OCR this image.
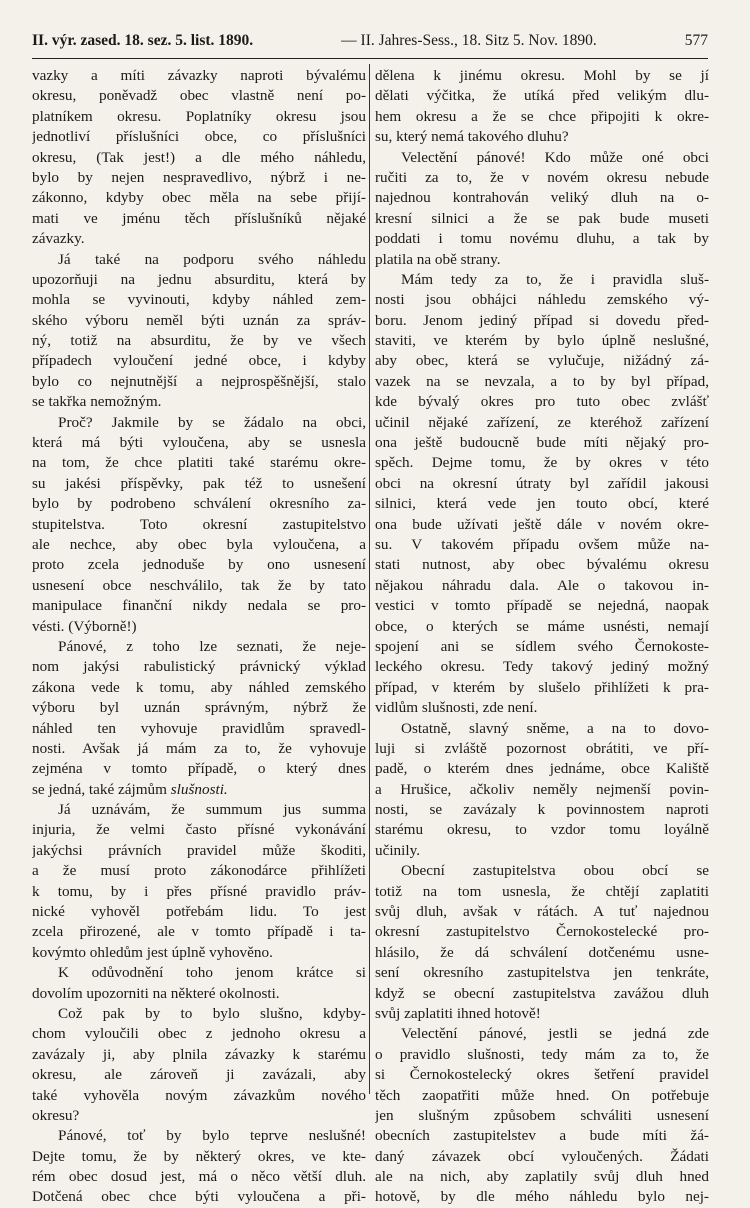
II. výr. zased. 18. sez. 5. list. 1890.	— II. Jahres-Sess., 18. Sitz 5. Nov. 1890.	577
vazky a míti závazky naproti bývalému
okresu, poněvadž obec vlastně není po-
platníkem okresu. Poplatníky okresu jsou
jednotliví příslušníci obce, co příslušníci
okresu, (Tak jest!) a dle mého náhledu,
bylo by nejen nespravedlivo, nýbrž i ne-
zákonno, kdyby obec měla na sebe přijí-
mati ve jménu těch příslušníků nějaké
závazky.
Já také na podporu svého náhledu
upozorňuji na jednu absurditu, která by
mohla se vyvinouti, kdyby náhled zem-
ského výboru neměl býti uznán za správ-
ný, totiž na absurditu, že by ve všech
případech vyloučení jedné obce, i kdyby
bylo co nejnutnější a nejprospěšnější, stalo
se takřka nemožným.
Proč? Jakmile by se žádalo na obci,
která má býti vyloučena, aby se usnesla
na tom, že chce platiti také starému okre-
su jakési příspěvky, pak též to usnešení
bylo by podrobeno schválení okresního za-
stupitelstva. Toto okresní zastupitelstvo
ale nechce, aby obec byla vyloučena, a
proto zcela jednoduše by ono usnesení
usnesení obce neschválilo, tak že by tato
manipulace finanční nikdy nedala se pro-
vésti. (Výborně!)
Pánové, z toho lze seznati, že neje-
nom jakýsi rabulistický právnický výklad
zákona vede k tomu, aby náhled zemského
výboru byl uznán správným, nýbrž že
náhled ten vyhovuje pravidlům spravedl-
nosti. Avšak já mám za to, že vyhovuje
zejména v tomto případě, o který dnes
se jedná, také zájmům slušnosti.
Já uznávám, že summum jus summa
injuria, že velmi často přísné vykonávání
jakýchsi právních pravidel může škoditi,
a že musí proto zákonodárce přihlížeti
k tomu, by i přes přísné pravidlo práv-
nické vyhověl potřebám lidu. To jest
zcela přirozené, ale v tomto případě i ta-
kovýmto ohledům jest úplně vyhověno.
K odůvodnění toho jenom krátce si
dovolím upozorniti na některé okolnosti.
Což pak by to bylo slušno, kdyby-
chom vyloučili obec z jednoho okresu a
zavázaly ji, aby plnila závazky k starému
okresu, ale zároveň ji zavázali, aby
také vyhověla novým závazkům nového
okresu?
Pánové, toť by bylo teprve neslušné!
Dejte tomu, že by některý okres, ve kte-
rém obec dosud jest, má o něco větší dluh.
Dotčená obec chce býti vyloučena a při-
dělena k jinému okresu. Mohl by se jí
dělati výčitka, že utíká před velikým dlu-
hem okresu a že se chce připojiti k okre-
su, který nemá takového dluhu?
Velectění pánové! Kdo může oné obci
ručiti za to, že v novém okresu nebude
najednou kontrahován veliký dluh na o-
kresní silnici a že se pak bude museti
poddati i tomu novému dluhu, a tak by
platila na obě strany.
Mám tedy za to, že i pravidla sluš-
nosti jsou obhájci náhledu zemského vý-
boru. Jenom jediný případ si dovedu před-
staviti, ve kterém by bylo úplně neslušné,
aby obec, která se vylučuje, nižádný zá-
vazek na se nevzala, a to by byl případ,
kde bývalý okres pro tuto obec zvlášť
učinil nějaké zařízení, ze kteréhož zařízení
ona ještě budoucně bude míti nějaký pro-
spěch. Dejme tomu, že by okres v této
obci na okresní útraty byl zařídil jakousi
silnici, která vede jen touto obcí, které
ona bude užívati ještě dále v novém okre-
su. V takovém případu ovšem může na-
stati nutnost, aby obec bývalému okresu
nějakou náhradu dala. Ale o takovou in-
vestici v tomto případě se nejedná, naopak
obce, o kterých se máme usnésti, nemají
spojení ani se sídlem svého Černokoste-
leckého okresu. Tedy takový jediný možný
případ, v kterém by slušelo přihlížeti k pra-
vidlům slušnosti, zde není.
Ostatně, slavný sněme, a na to dovo-
luji si zvláště pozornost obrátiti, ve pří-
padě, o kterém dnes jednáme, obce Kaliště
a Hrušice, ačkoliv neměly nejmenší povin-
nosti, se zavázaly k povinnostem naproti
starému okresu, to vzdor tomu loyálně
učinily.
Obecní zastupitelstva obou obcí se
totiž na tom usnesla, že chtějí zaplatiti
svůj dluh, avšak v rátách. A tuť najednou
okresní zastupitelstvo Černokostelecké pro-
hlásilo, že dá schválení dotčenému usne-
sení okresního zastupitelstva jen tenkráte,
když se obecní zastupitelstva zavážou dluh
svůj zaplatiti ihned hotově!
Velectění pánové, jestli se jedná zde
o pravidlo slušnosti, tedy mám za to, že
si Černokostelecký okres šetření pravidel
těch zaopatřiti může hned. On potřebuje
jen slušným způsobem schváliti usnesení
obecních zastupitelstev a bude míti žá-
daný závazek obcí vyloučených. Žádati
ale na nich, aby zaplatily svůj dluh hned
hotově, by dle mého náhledu bylo nej-
